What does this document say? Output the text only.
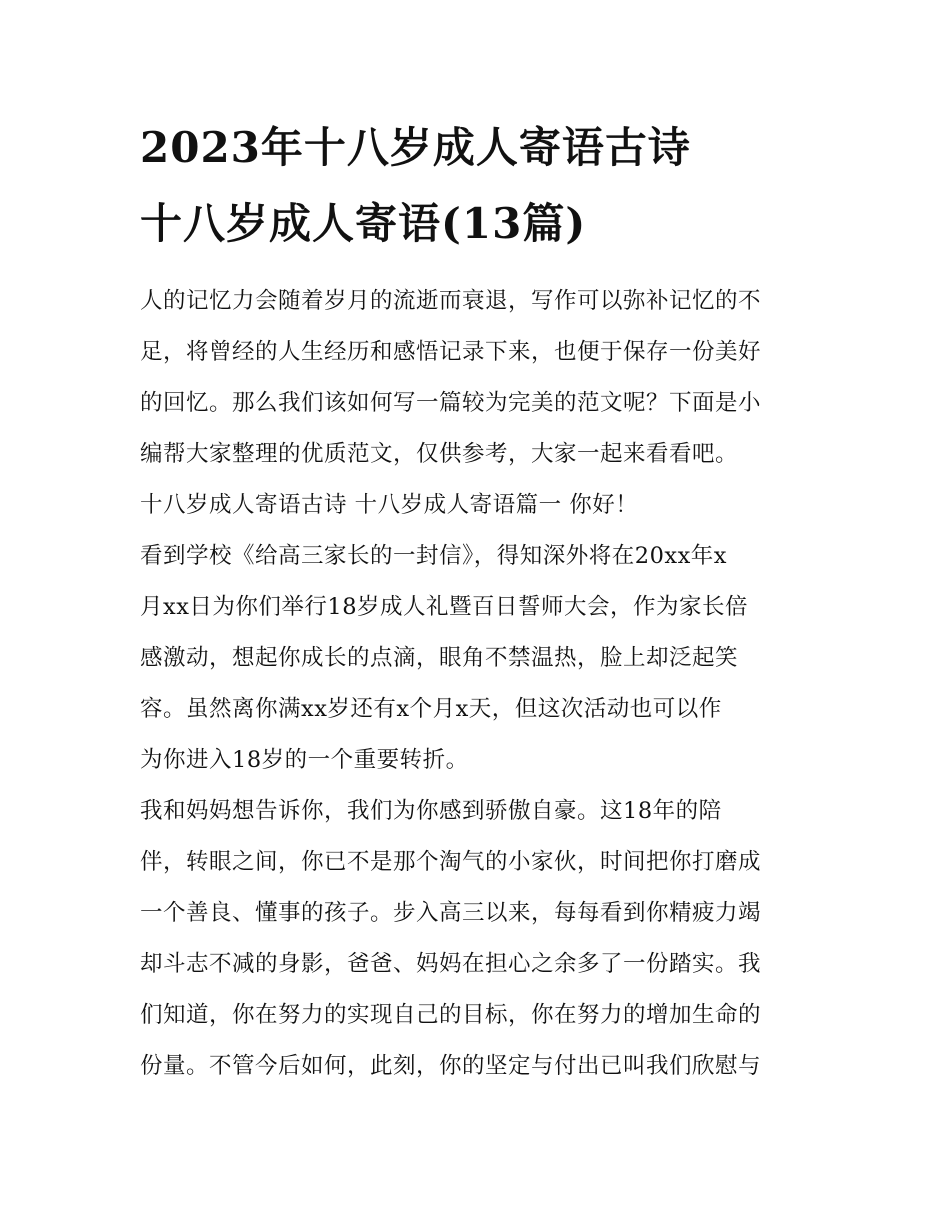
2023年十八岁成人寄语古诗
十八岁成人寄语(13篇)
人的记忆力会随着岁月的流逝而衰退，写作可以弥补记忆的不
足，将曾经的人生经历和感悟记录下来，也便于保存一份美好
的回忆。那么我们该如何写一篇较为完美的范文呢？下面是小
编帮大家整理的优质范文，仅供参考，大家一起来看看吧。
十八岁成人寄语古诗 十八岁成人寄语篇一 你好！
看到学校《给高三家长的一封信》，得知深外将在20xx年x
月xx日为你们举行18岁成人礼暨百日誓师大会，作为家长倍
感激动，想起你成长的点滴，眼角不禁温热，脸上却泛起笑
容。虽然离你满xx岁还有x个月x天，但这次活动也可以作
为你进入18岁的一个重要转折。
我和妈妈想告诉你，我们为你感到骄傲自豪。这18年的陪
伴，转眼之间，你已不是那个淘气的小家伙，时间把你打磨成
一个善良、懂事的孩子。步入高三以来，每每看到你精疲力竭
却斗志不减的身影，爸爸、妈妈在担心之余多了一份踏实。我
们知道，你在努力的实现自己的目标，你在努力的增加生命的
份量。不管今后如何，此刻，你的坚定与付出已叫我们欣慰与
